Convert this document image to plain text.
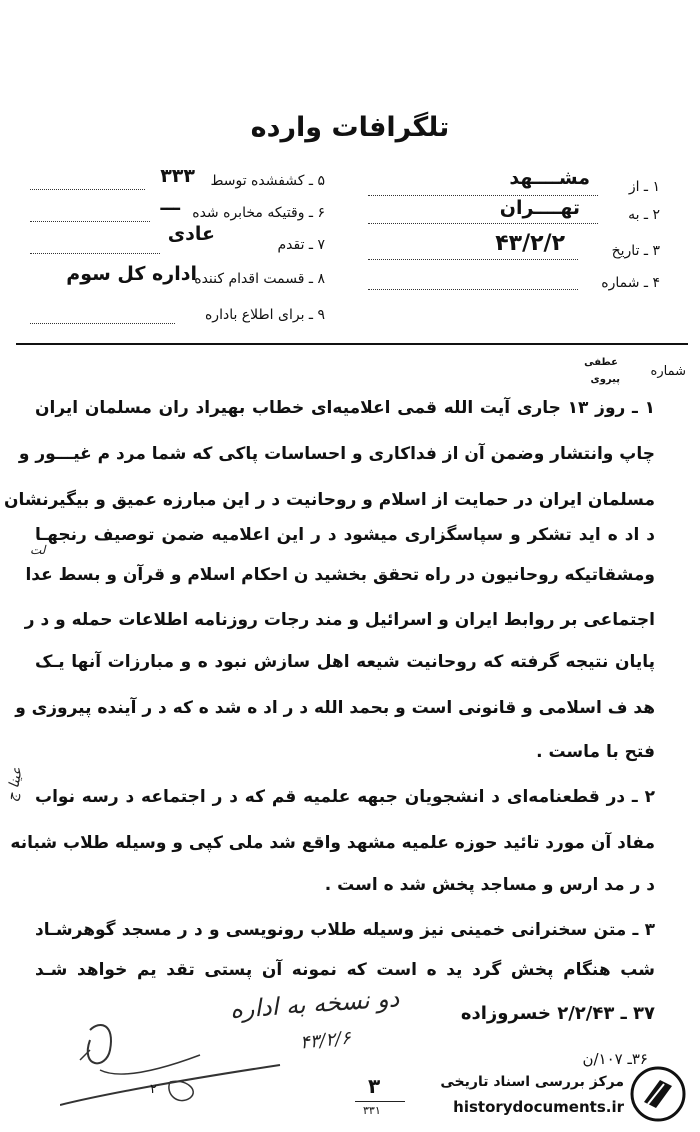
تلگرافات وارده
۱ ـ از
مشــــهد
۲ ـ به
تهــــران
۳ ـ تاریخ
۴۳/۲/۲
۴ ـ شماره
۵ ـ کشفشده توسط
۳۳۳
۶ ـ وقتیکه مخابره شده
ـــ
۷ ـ تقدم
عادی
۸ ـ قسمت اقدام کننده
اداره کل سوم
۹ ـ برای اطلاع باداره
شماره
عطفی
پیروی
۱ ـ روز ۱۳ جاری آیت الله قمی اعلامیه‌ای خطاب بهیراد ران مسلمان ایران
چاپ وانتشار وضمن آن از فداکاری و احساسات پاکی که شما مرد م غیـــور و
مسلمان ایران در حمایت از اسلام و روحانیت د ر این مبارزه عمیق و بیگیرنشان
د اد ه اید تشکر و سپاسگزاری میشود د ر این اعلامیه ضمن توصیف رنجهـا
لت
ومشقاتیکه روحانیون در راه تحقق بخشید ن احکام اسلام و قرآن و بسط عدا
اجتماعی بر روابط ایران و اسرائیل و مند رجات روزنامه اطلاعات حمله و د ر
پایان نتیجه گرفته که روحانیت شیعه اهل سازش نبود ه و مبارزات آنها یـک
هد ف اسلامی و قانونی است و بحمد الله د ر اد ه شد ه که د ر آینده پیروزی و
فتح با ماست .
۲ ـ در قطعنامه‌ای د انشجویان جبهه علمیه قم که د ر اجتماعه د رسه نواب
مفاد آن مورد تائید حوزه علمیه مشهد واقع شد ملی کپی و وسیله طلاب شبانه
د ر مد ارس و مساجد پخش شد ه است .
۳ ـ متن سخنرانی خمینی نیز وسیله طلاب رونویسی و د ر مسجد گوهرشـاد
شب هنگام پخش گرد ید ه است که نمونه آن پستی تقد یم خواهد شـد
عینا ج
۳۷ ـ ۲/۲/۴۳ خسروزاده
دو نسخه به اداره
۴۳/۲/۶
۳۶ـ ۱۰۷/ن
۳
۳۳۱
۲	مرکز بررسی اسناد تاریخی
historydocuments.ir
